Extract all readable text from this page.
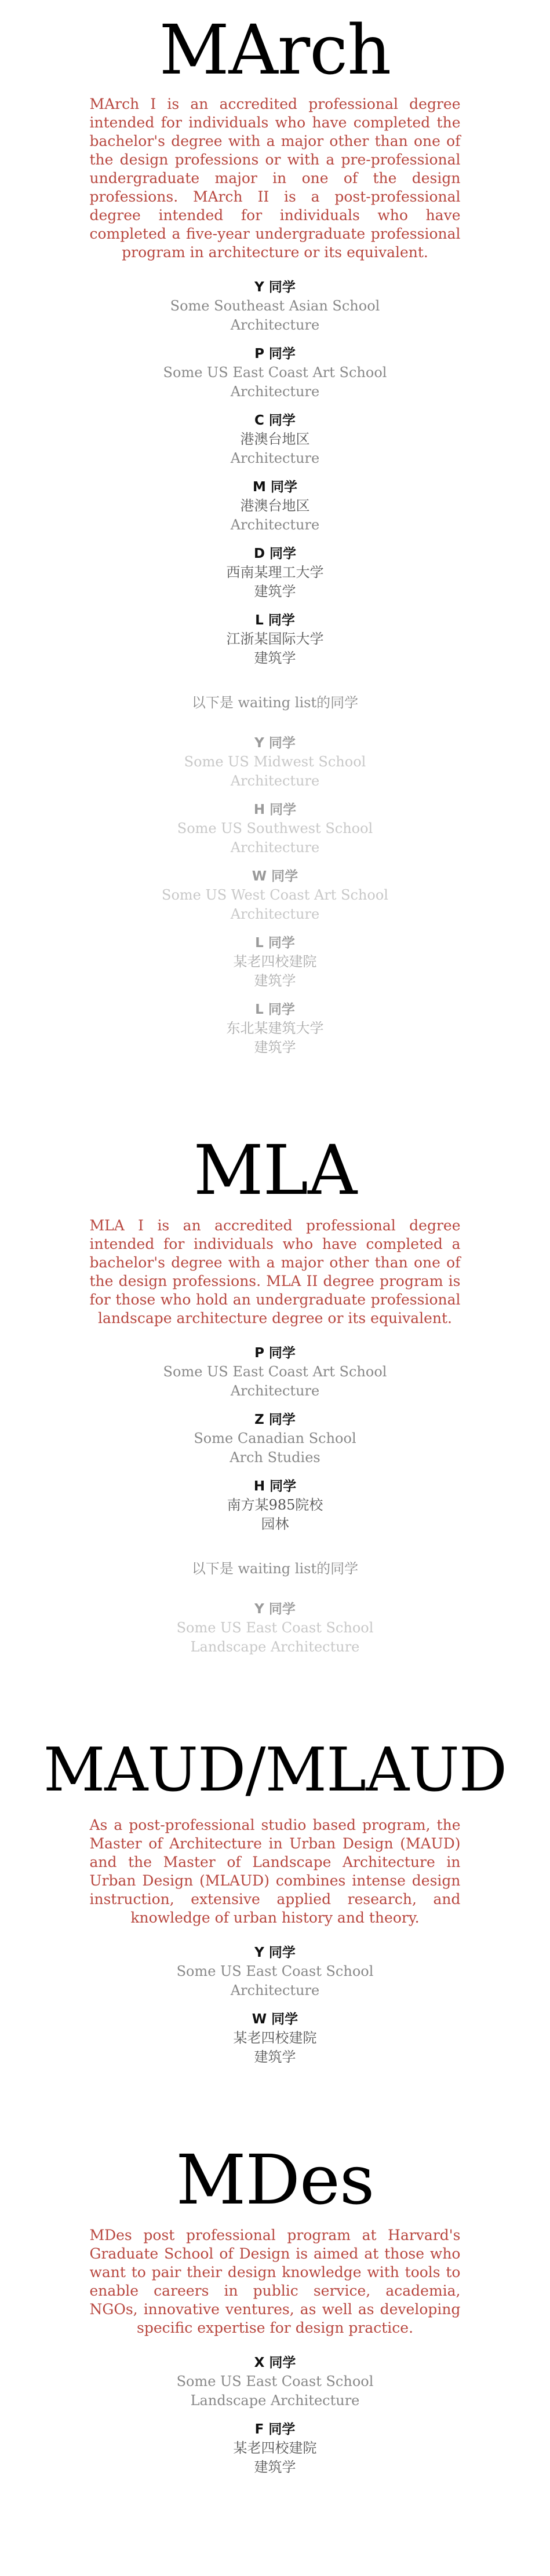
MArch

MArch I is an accredited professional degree intended for individuals who have completed the bachelor's degree with a major other than one of the design professions or with a pre-professional undergraduate major in one of the design professions. MArch II is a post-professional degree intended for individuals who have completed a five-year undergraduate professional program in architecture or its equivalent.

Y 同学
Some Southeast Asian School
Architecture
P 同学
Some US East Coast Art School
Architecture
C 同学
港澳台地区
Architecture
M 同学
港澳台地区
Architecture
D 同学
西南某理工大学
建筑学
L 同学
江浙某国际大学
建筑学
以下是 waiting list的同学
Y 同学
Some US Midwest School
Architecture
H 同学
Some US Southwest School
Architecture
W 同学
Some US West Coast Art School
Architecture
L 同学
某老四校建院
建筑学
L 同学
东北某建筑大学
建筑学
MLA

MLA I is an accredited professional degree intended for individuals who have completed a bachelor's degree with a major other than one of the design professions. MLA II degree program is for those who hold an undergraduate professional landscape architecture degree or its equivalent.

P 同学
Some US East Coast Art School
Architecture
Z 同学
Some Canadian School
Arch Studies
H 同学
南方某985院校
园林
以下是 waiting list的同学
Y 同学
Some US East Coast School
Landscape Architecture
MAUD/MLAUD

As a post-professional studio based program, the Master of Architecture in Urban Design (MAUD) and the Master of Landscape Architecture in Urban Design (MLAUD) combines intense design instruction, extensive applied research, and knowledge of urban history and theory.

Y 同学
Some US East Coast School
Architecture
W 同学
某老四校建院
建筑学
MDes

MDes post professional program at Harvard's Graduate School of Design is aimed at those who want to pair their design knowledge with tools to enable careers in public service, academia, NGOs, innovative ventures, as well as developing specific expertise for design practice.

X 同学
Some US East Coast School
Landscape Architecture
F 同学
某老四校建院
建筑学
